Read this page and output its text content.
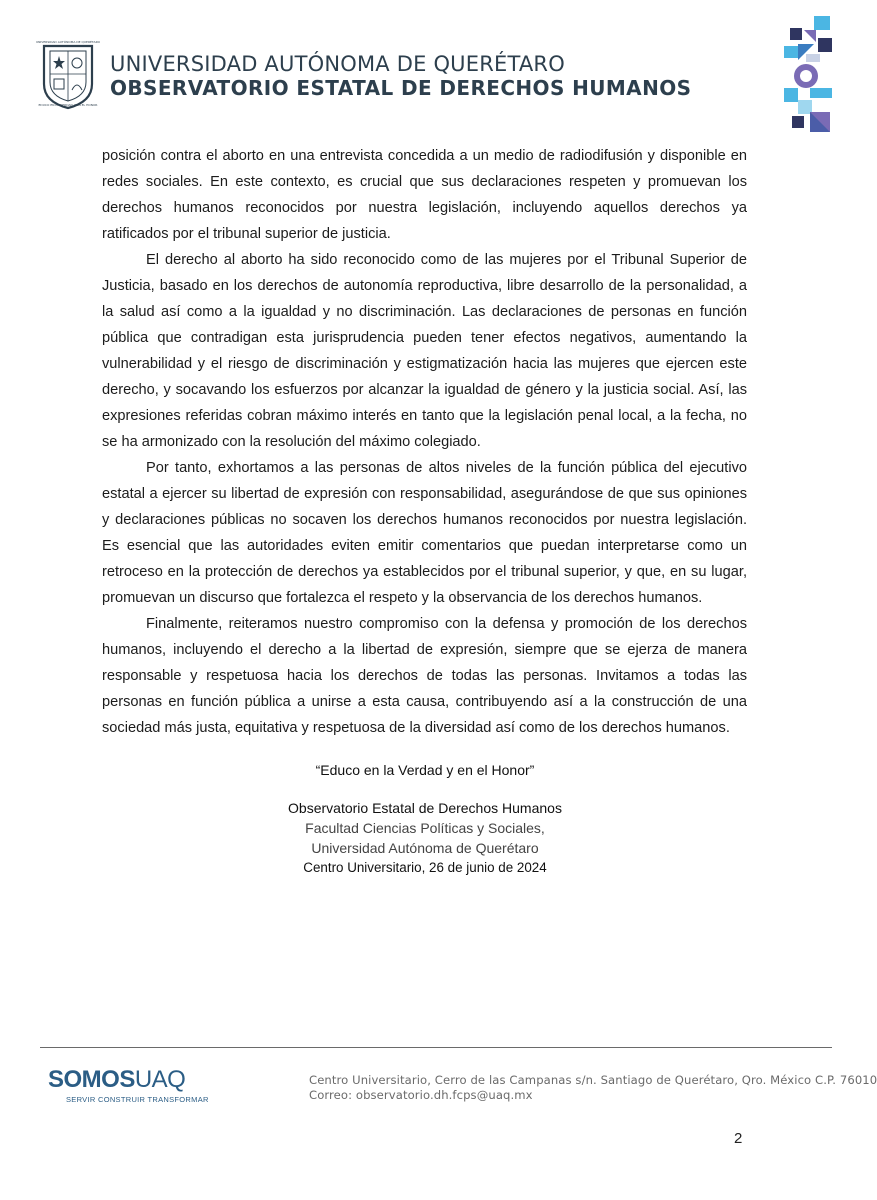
UNIVERSIDAD AUTÓNOMA DE QUERÉTARO
EDUCO EN LA VERDAD Y EN EL HONOR
UNIVERSIDAD AUTÓNOMA DE QUERÉTARO
OBSERVATORIO ESTATAL DE DERECHOS HUMANOS

posición contra el aborto en una entrevista concedida a un medio de radiodifusión y disponible en redes sociales. En este contexto, es crucial que sus declaraciones respeten y promuevan los derechos humanos reconocidos por nuestra legislación, incluyendo aquellos derechos ya ratificados por el tribunal superior de justicia.

El derecho al aborto ha sido reconocido como de las mujeres por el Tribunal Superior de Justicia, basado en los derechos de autonomía reproductiva, libre desarrollo de la personalidad, a la salud así como a la igualdad y no discriminación. Las declaraciones de personas en función pública que contradigan esta jurisprudencia pueden tener efectos negativos, aumentando la vulnerabilidad y el riesgo de discriminación y estigmatización hacia las mujeres que ejercen este derecho, y socavando los esfuerzos por alcanzar la igualdad de género y la justicia social. Así, las expresiones referidas cobran máximo interés en tanto que la legislación penal local, a la fecha, no se ha armonizado con la resolución del máximo colegiado.

Por tanto, exhortamos a las personas de altos niveles de la función pública del ejecutivo estatal a ejercer su libertad de expresión con responsabilidad, asegurándose de que sus opiniones y declaraciones públicas no socaven los derechos humanos reconocidos por nuestra legislación. Es esencial que las autoridades eviten emitir comentarios que puedan interpretarse como un retroceso en la protección de derechos ya establecidos por el tribunal superior, y que, en su lugar, promuevan un discurso que fortalezca el respeto y la observancia de los derechos humanos.

Finalmente, reiteramos nuestro compromiso con la defensa y promoción de los derechos humanos, incluyendo el derecho a la libertad de expresión, siempre que se ejerza de manera responsable y respetuosa hacia los derechos de todas las personas. Invitamos a todas las personas en función pública a unirse a esta causa, contribuyendo así a la construcción de una sociedad más justa, equitativa y respetuosa de la diversidad así como de los derechos humanos.

“Educo en la Verdad y en el Honor”
Observatorio Estatal de Derechos Humanos
Facultad Ciencias Políticas y Sociales,
Universidad Autónoma de Querétaro
Centro Universitario, 26 de junio de 2024
SOMOSUAQ
SERVIR CONSTRUIR TRANSFORMAR
Centro Universitario, Cerro de las Campanas s/n. Santiago de Querétaro, Qro. México C.P. 76010
Correo: observatorio.dh.fcps@uaq.mx
2
